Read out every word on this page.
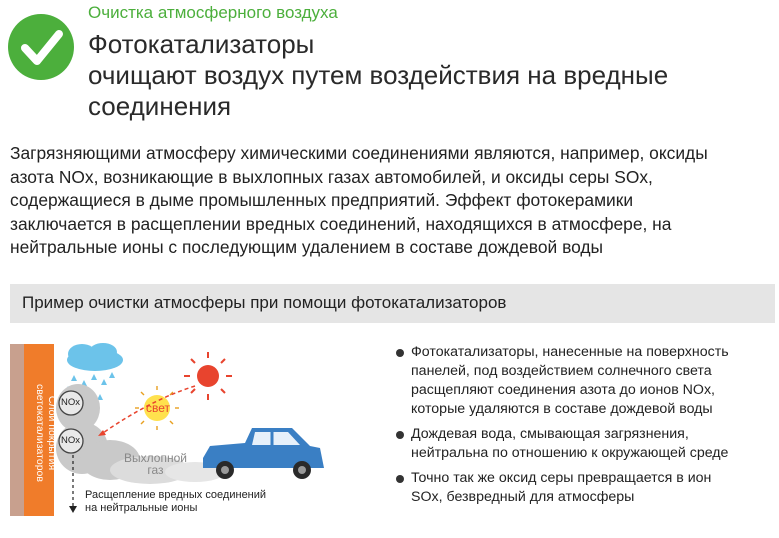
Очистка атмосферного воздуха
Фотокатализаторы
очищают воздух путем воздействия на вредные
соединения
Загрязняющими атмосферу химическими соединениями являются, например, оксиды
азота NOx, возникающие в выхлопных газах автомобилей, и оксиды серы SOx,
содержащиеся в дыме промышленных предприятий. Эффект фотокерамики
заключается в расщеплении вредных соединений, находящихся в атмосфере, на
нейтральные ионы с последующим удалением в составе дождевой воды
Пример очистки атмосферы при помощи фотокатализаторов
Слой покрытия
светокатализаторов NOx
NOx
свет
Выхлопной
газ
Расщепление вредных соединений
на нейтральные ионы
Фотокатализаторы, нанесенные на поверхность
панелей, под воздействием солнечного света
расщепляют соединения азота до ионов NOx,
которые удаляются в составе дождевой воды
Дождевая вода, смывающая загрязнения,
нейтральна по отношению к окружающей среде
Точно так же оксид серы превращается в ион
SOx, безвредный для атмосферы
